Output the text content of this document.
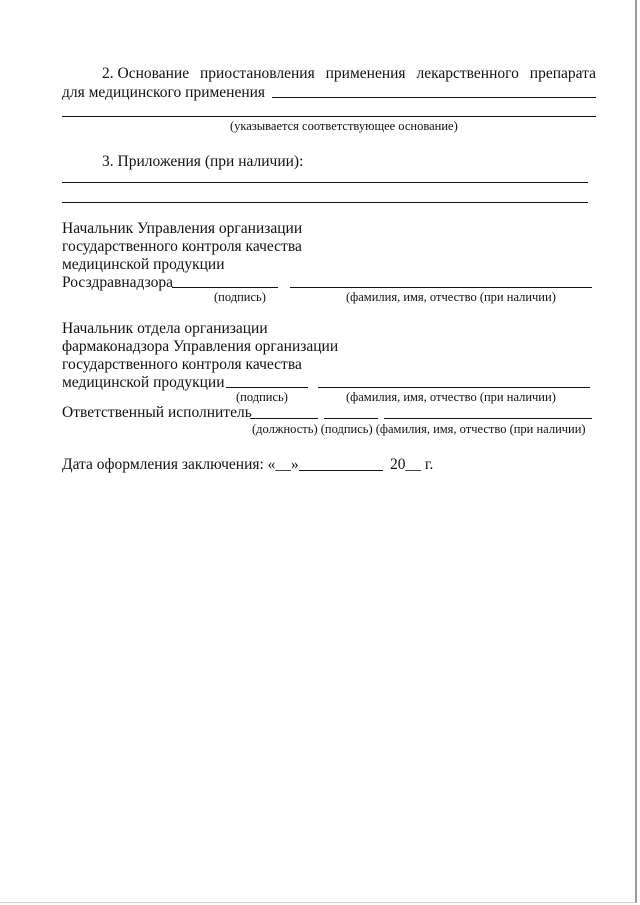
2. Основание приостановления применения лекарственного препарата
для медицинского применения
(указывается соответствующее основание)
3. Приложения (при наличии):
Начальник Управления организации
государственного контроля качества
медицинской продукции
Росздравнадзора
(подпись)	(фамилия, имя, отчество (при наличии)
Начальник отдела организации
фармаконадзора Управления организации
государственного контроля качества
медицинской продукции
(подпись)	(фамилия, имя, отчество (при наличии)
Ответственный исполнитель
(должность) (подпись) (фамилия, имя, отчество (при наличии)
Дата оформления заключения: «__»	20__ г.
